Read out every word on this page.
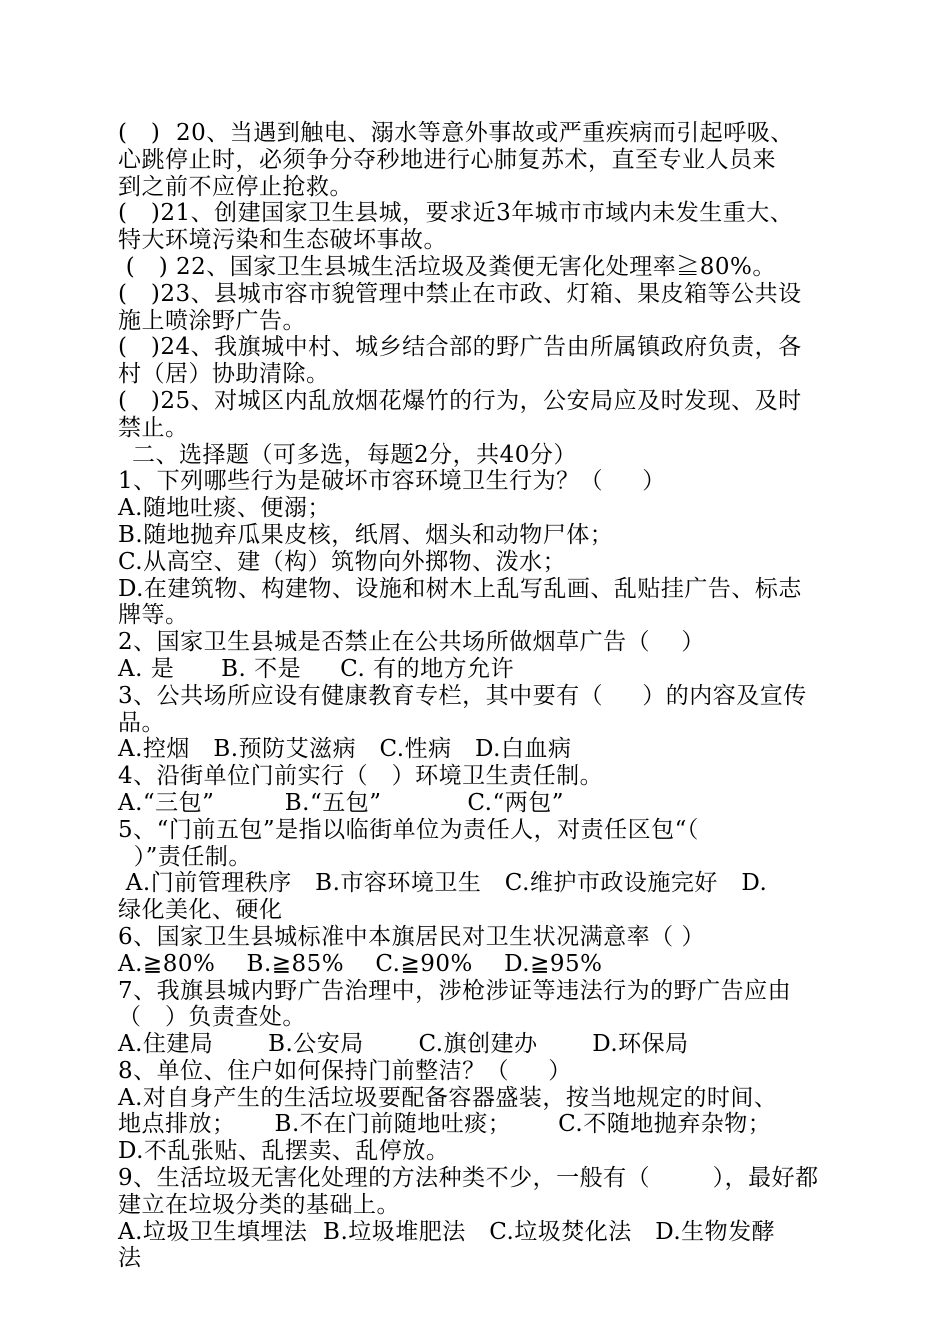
(   )  20、当遇到触电、溺水等意外事故或严重疾病而引起呼吸、
心跳停止时，必须争分夺秒地进行心肺复苏术，直至专业人员来
到之前不应停止抢救。
(   )21、创建国家卫生县城，要求近3年城市市域内未发生重大、
特大环境污染和生态破坏事故。
(   ) 22、国家卫生县城生活垃圾及粪便无害化处理率≧80%。
(   )23、县城市容市貌管理中禁止在市政、灯箱、果皮箱等公共设
施上喷涂野广告。
(   )24、我旗城中村、城乡结合部的野广告由所属镇政府负责，各
村（居）协助清除。
(   )25、对城区内乱放烟花爆竹的行为，公安局应及时发现、及时
禁止。
二、选择题（可多选，每题2分，共40分）
1、下列哪些行为是破坏市容环境卫生行为？（     ）
A.随地吐痰、便溺；
B.随地抛弃瓜果皮核，纸屑、烟头和动物尸体；
C.从高空、建（构）筑物向外掷物、泼水；
D.在建筑物、构建物、设施和树木上乱写乱画、乱贴挂广告、标志
牌等。
2、国家卫生县城是否禁止在公共场所做烟草广告（    ）
A. 是      B. 不是     C. 有的地方允许
3、公共场所应设有健康教育专栏，其中要有（     ）的内容及宣传
品。
A.控烟   B.预防艾滋病   C.性病   D.白血病
4、沿街单位门前实行（   ）环境卫生责任制。
A.“三包”         B.“五包”           C.“两包”
5、“门前五包”是指以临街单位为责任人，对责任区包“（
）”责任制。
A.门前管理秩序   B.市容环境卫生   C.维护市政设施完好   D.
绿化美化、硬化
6、国家卫生县城标准中本旗居民对卫生状况满意率（ ）
A.≧80%    B.≧85%    C.≧90%    D.≧95%
7、我旗县城内野广告治理中，涉枪涉证等违法行为的野广告应由
（   ）负责查处。
A.住建局       B.公安局       C.旗创建办       D.环保局
8、单位、住户如何保持门前整洁？（     ）
A.对自身产生的生活垃圾要配备容器盛装，按当地规定的时间、
地点排放；     B.不在门前随地吐痰；      C.不随地抛弃杂物；
D.不乱张贴、乱摆卖、乱停放。
9、生活垃圾无害化处理的方法种类不少，一般有（        ），最好都
建立在垃圾分类的基础上。
A.垃圾卫生填埋法  B.垃圾堆肥法   C.垃圾焚化法   D.生物发酵
法
